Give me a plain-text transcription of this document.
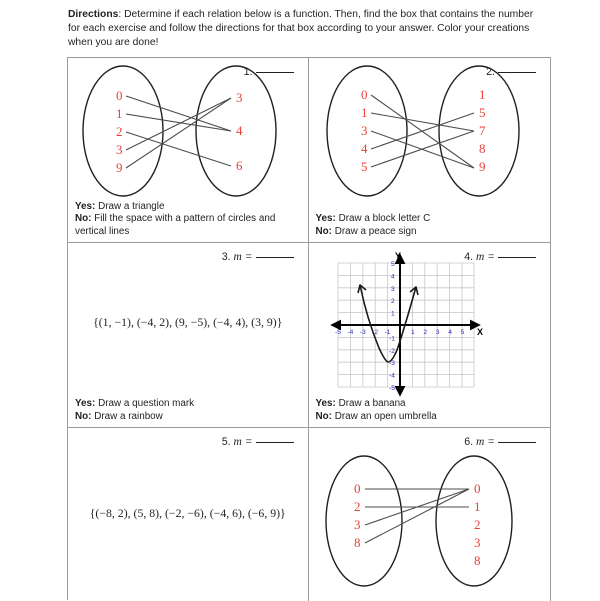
Directions: Determine if each relation below is a function. Then, find the box that contains the number for each exercise and follow the directions for that box according to your answer. Color your creations when you are done!
1.
0
1
2
3
9
3
4
6
Yes: Draw a triangle
No: Fill the space with a pattern of circles and vertical lines
2.
0
1
3
4
5
1
5
7
8
9
Yes: Draw a block letter C
No: Draw a peace sign
3. m =
{(1, −1), (−4, 2), (9, −5), (−4, 4), (3, 9)}
Yes: Draw a question mark
No: Draw a rainbow
4. m =
Y
X
-5 -4 -3 -2 -1	1 2 3 4 5
5
4
3
2
1
-1
-2
-3
-4
-5
Yes: Draw a banana
No: Draw an open umbrella
5. m =
{(−8, 2), (5, 8), (−2, −6), (−4, 6), (−6, 9)}
6. m =
0
2
3
8
0
1
2
3
8
